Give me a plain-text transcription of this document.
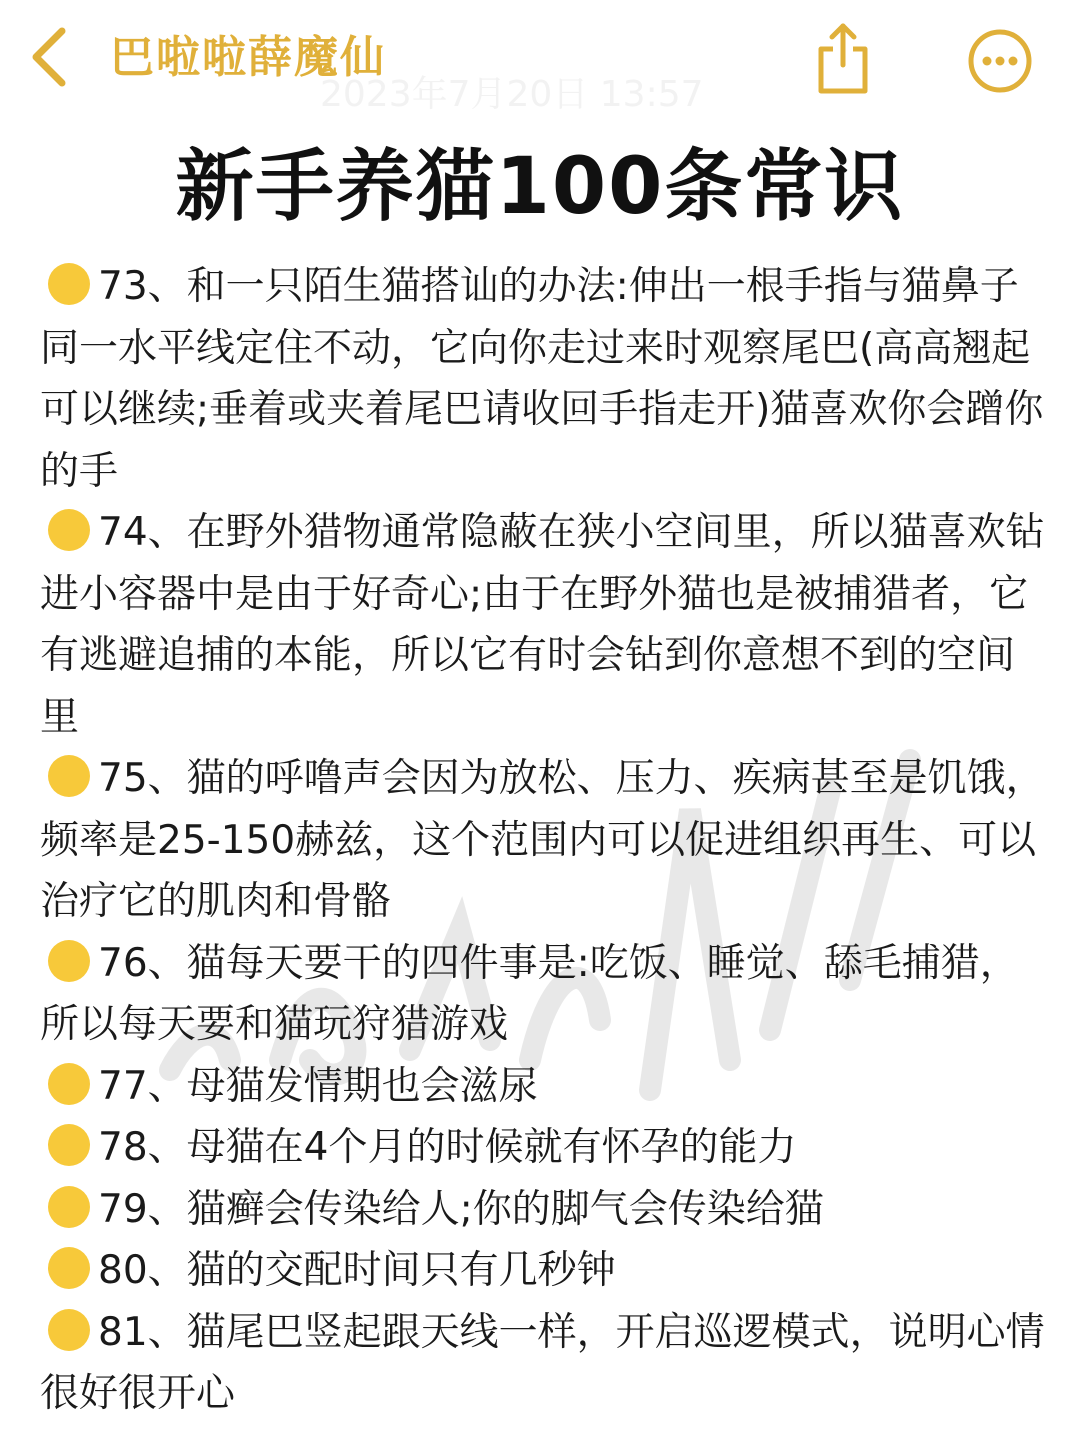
巴啦啦薛魔仙
2023年7月20日 13:57
新手养猫100条常识
73、和一只陌生猫搭讪的办法:伸出一根手指与猫鼻子同一水平线定住不动，它向你走过来时观察尾巴(高高翘起可以继续;垂着或夹着尾巴请收回手指走开)猫喜欢你会蹭你的手
74、在野外猎物通常隐蔽在狭小空间里，所以猫喜欢钻进小容器中是由于好奇心;由于在野外猫也是被捕猎者，它有逃避追捕的本能，所以它有时会钻到你意想不到的空间里
75、猫的呼噜声会因为放松、压力、疾病甚至是饥饿，频率是25-150赫兹，这个范围内可以促进组织再生、可以治疗它的肌肉和骨骼
76、猫每天要干的四件事是:吃饭、睡觉、舔毛捕猎，所以每天要和猫玩狩猎游戏
77、母猫发情期也会滋尿
78、母猫在4个月的时候就有怀孕的能力
79、猫癣会传染给人;你的脚气会传染给猫
80、猫的交配时间只有几秒钟
81、猫尾巴竖起跟天线一样，开启巡逻模式，说明心情很好很开心
